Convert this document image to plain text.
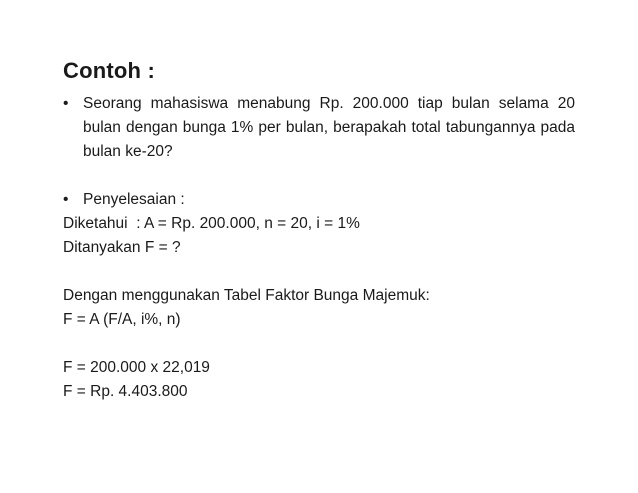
Contoh :
• Seorang mahasiswa menabung Rp. 200.000 tiap bulan selama 20 bulan dengan bunga 1% per bulan, berapakah total tabungannya pada bulan ke-20?
• Penyelesaian :
Diketahui  : A = Rp. 200.000, n = 20, i = 1%
Ditanyakan F = ?
Dengan menggunakan Tabel Faktor Bunga Majemuk:
F = A (F/A, i%, n)
F = 200.000 x 22,019
F = Rp. 4.403.800
